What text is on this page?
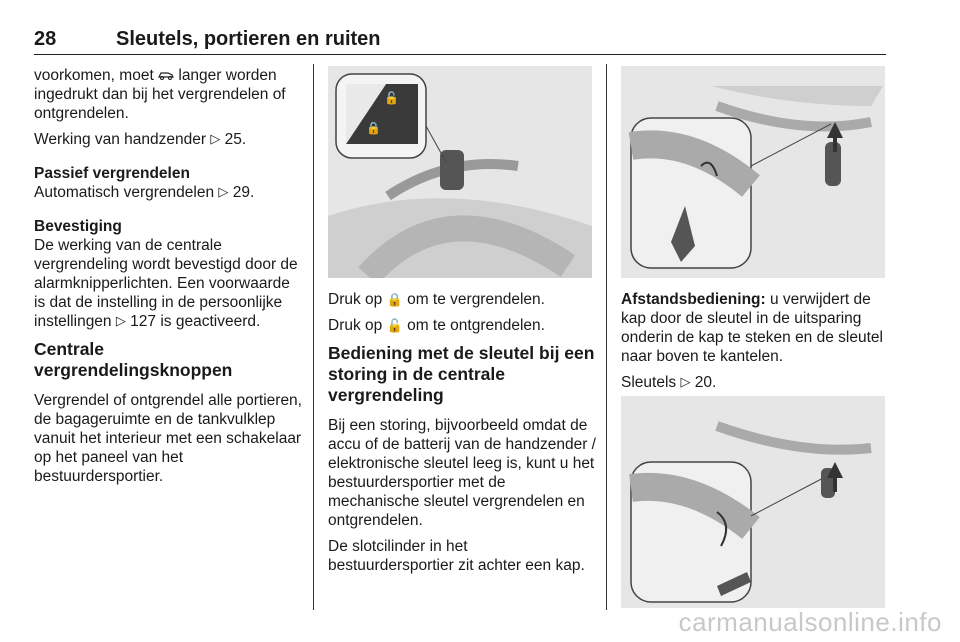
28	Sleutels, portieren en ruiten

voorkomen, moet  langer worden ingedrukt dan bij het vergrendelen of ontgrendelen.

Werking van handzender ▷ 25.

Passief vergrendelen
Automatisch vergrendelen ▷ 29.

Bevestiging
De werking van de centrale vergrendeling wordt bevestigd door de alarmknipperlichten. Een voorwaarde is dat de instelling in de persoonlijke instellingen ▷ 127 is geactiveerd.

Centrale vergrendelingsknoppen

Vergrendel of ontgrendel alle portieren, de bagageruimte en de tankvulklep vanuit het interieur met een schakelaar op het paneel van het bestuurdersportier.

🔓
🔒

Druk op 🔒 om te vergrendelen.

Druk op 🔓 om te ontgrendelen.

Bediening met de sleutel bij een storing in de centrale vergrendeling

Bij een storing, bijvoorbeeld omdat de accu of de batterij van de handzender / elektronische sleutel leeg is, kunt u het bestuurdersportier met de mechanische sleutel vergrendelen en ontgrendelen.

De slotcilinder in het bestuurdersportier zit achter een kap.

Afstandsbediening: u verwijdert de kap door de sleutel in de uitsparing onderin de kap te steken en de sleutel naar boven te kantelen.

Sleutels ▷ 20.

carmanualsonline.info
